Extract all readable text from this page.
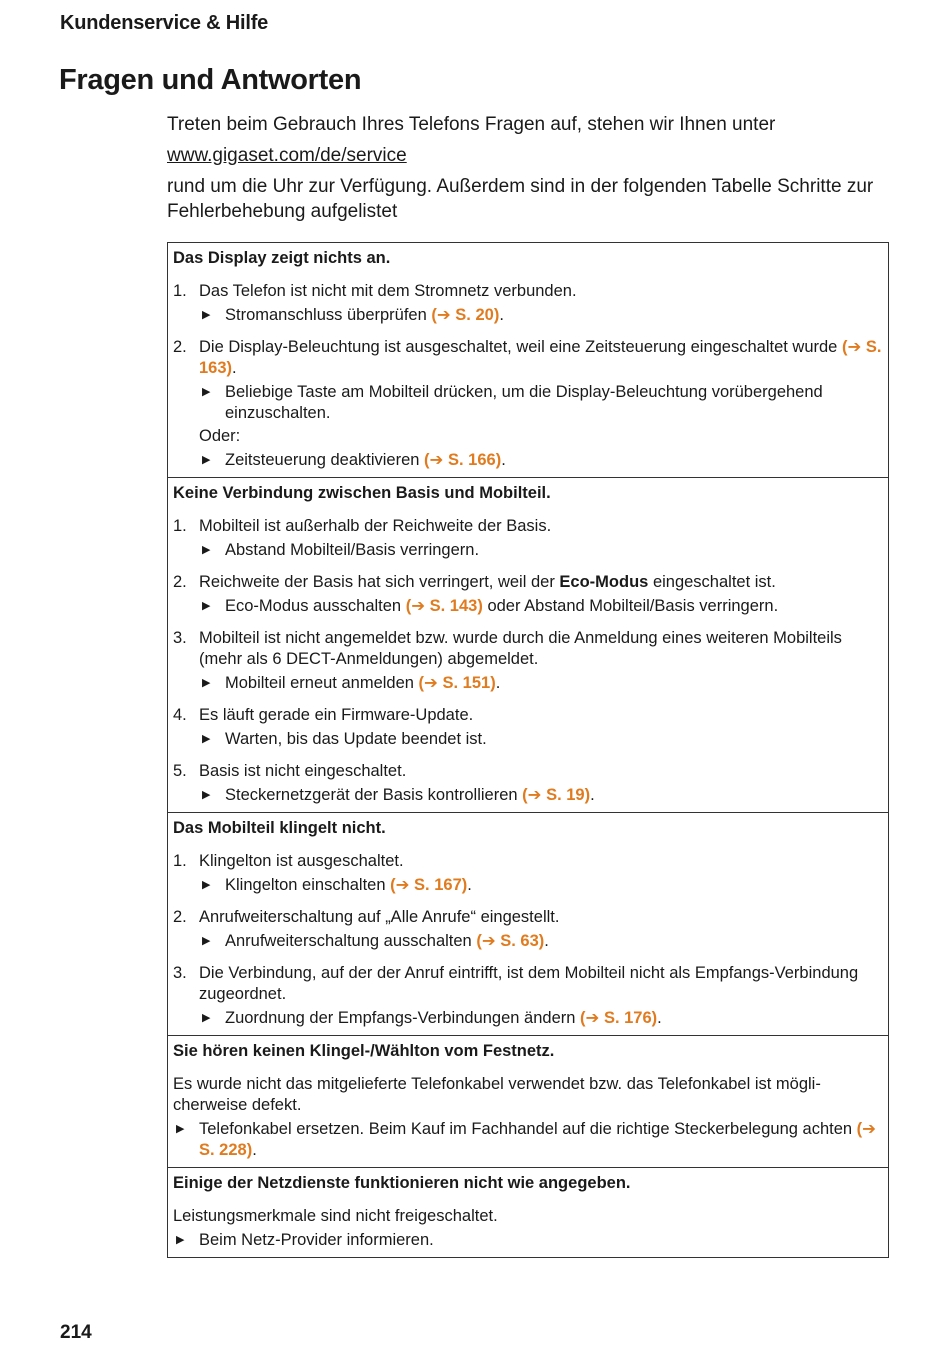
Kundenservice & Hilfe
Fragen und Antworten

Treten beim Gebrauch Ihres Telefons Fragen auf, stehen wir Ihnen unter

www.gigaset.com/de/service

rund um die Uhr zur Verfügung. Außerdem sind in der folgenden Tabelle Schritte zur Fehlerbehebung aufgelistet

Das Display zeigt nichts an.
1. Das Telefon ist nicht mit dem Stromnetz verbunden.
▶ Stromanschluss überprüfen (➔ S. 20).
2. Die Display-Beleuchtung ist ausgeschaltet, weil eine Zeitsteuerung eingeschaltet wurde (➔ S. 163).
▶ Beliebige Taste am Mobilteil drücken, um die Display-Beleuchtung vorübergehend einzuschalten.
Oder:
▶ Zeitsteuerung deaktivieren (➔ S. 166).
Keine Verbindung zwischen Basis und Mobilteil.
1. Mobilteil ist außerhalb der Reichweite der Basis.
▶ Abstand Mobilteil/Basis verringern.
2. Reichweite der Basis hat sich verringert, weil der Eco-Modus eingeschaltet ist.
▶ Eco-Modus ausschalten (➔ S. 143) oder Abstand Mobilteil/Basis verringern.
3. Mobilteil ist nicht angemeldet bzw. wurde durch die Anmeldung eines weiteren Mobilteils (mehr als 6 DECT-Anmeldungen) abgemeldet.
▶ Mobilteil erneut anmelden (➔ S. 151).
4. Es läuft gerade ein Firmware-Update.
▶ Warten, bis das Update beendet ist.
5. Basis ist nicht eingeschaltet.
▶ Steckernetzgerät der Basis kontrollieren (➔ S. 19).
Das Mobilteil klingelt nicht.
1. Klingelton ist ausgeschaltet.
▶ Klingelton einschalten (➔ S. 167).
2. Anrufweiterschaltung auf „Alle Anrufe“ eingestellt.
▶ Anrufweiterschaltung ausschalten (➔ S. 63).
3. Die Verbindung, auf der der Anruf eintrifft, ist dem Mobilteil nicht als Empfangs-Verbindung zugeordnet.
▶ Zuordnung der Empfangs-Verbindungen ändern (➔ S. 176).
Sie hören keinen Klingel-/Wählton vom Festnetz.

Es wurde nicht das mitgelieferte Telefonkabel verwendet bzw. das Telefonkabel ist möglicherweise defekt.

▶ Telefonkabel ersetzen. Beim Kauf im Fachhandel auf die richtige Steckerbelegung achten (➔ S. 228).
Einige der Netzdienste funktionieren nicht wie angegeben.

Leistungsmerkmale sind nicht freigeschaltet.

▶ Beim Netz-Provider informieren.
214
